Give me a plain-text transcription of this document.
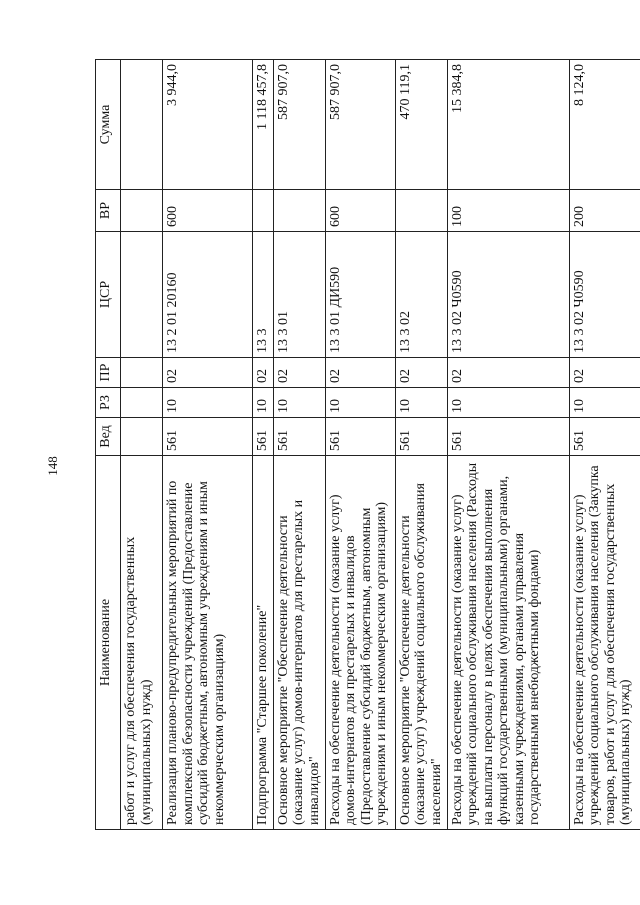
148
Наименование	Вед	РЗ	ПР	ЦСР	ВР	Сумма
работ и услуг для обеспечения государственных (муниципальных) нужд)						
Реализация планово-предупредительных мероприятий по комплексной безопасности учреждений (Предоставление субсидий бюджетным, автономным учреждениям и иным некоммерческим организациям)	561	10	02	13 2 01 20160	600	3 944,0
Подпрограмма "Старшее поколение"	561	10	02	13 3		1 118 457,8
Основное мероприятие "Обеспечение деятельности (оказание услуг) домов-интернатов для престарелых и инвалидов"	561	10	02	13 3 01		587 907,0
Расходы на обеспечение деятельности (оказание услуг) домов-интернатов для престарелых и инвалидов (Предоставление субсидий бюджетным, автономным учреждениям и иным некоммерческим организациям)	561	10	02	13 3 01 ДИ590	600	587 907,0
Основное мероприятие "Обеспечение деятельности (оказание услуг) учреждений социального обслуживания населения"	561	10	02	13 3 02		470 119,1
Расходы на обеспечение деятельности (оказание услуг) учреждений социального обслуживания населения (Расходы на выплаты персоналу в целях обеспечения выполнения функций государственными (муниципальными) органами, казенными учреждениями, органами управления государственными внебюджетными фондами)	561	10	02	13 3 02 Ч0590	100	15 384,8
Расходы на обеспечение деятельности (оказание услуг) учреждений социального обслуживания населения (Закупка товаров, работ и услуг для обеспечения государственных (муниципальных) нужд)	561	10	02	13 3 02 Ч0590	200	8 124,0
